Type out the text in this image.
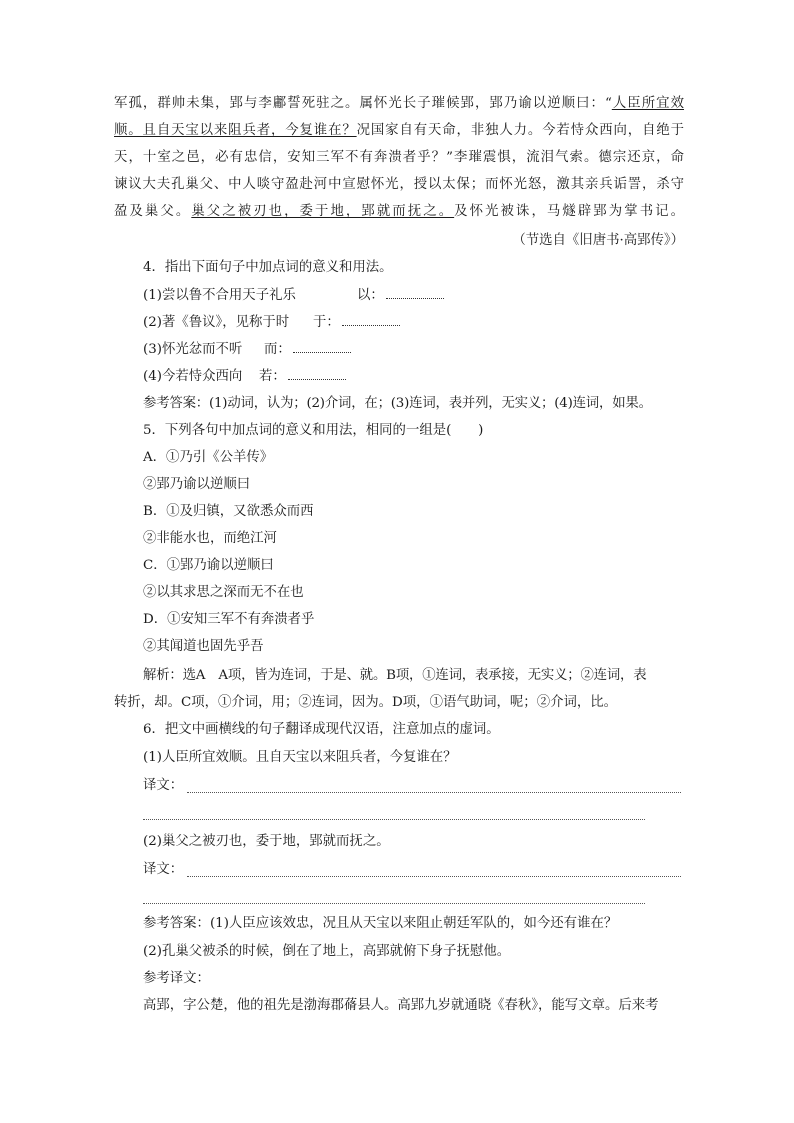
军孤，群帅未集，郢与李鄘誓死驻之。属怀光长子璀候郢，郢乃谕以逆顺曰：“人臣所宜效
顺。且自天宝以来阻兵者，今复谁在？况国家自有天命，非独人力。今若恃众西向，自绝于
天，十室之邑，必有忠信，安知三军不有奔溃者乎？”李璀震惧，流泪气索。德宗还京，命
谏议大夫孔巢父、中人啖守盈赴河中宣慰怀光，授以太保；而怀光怒，激其亲兵诟詈，杀守
盈及巢父。巢父之被刃也，委于地，郢就而抚之。及怀光被诛，马燧辟郢为掌书记。
（节选自《旧唐书·高郢传》）
4．指出下面句子中加点词的意义和用法。
(1)尝以鲁不合用天子礼乐	以：
(2)著《鲁议》，见称于时 于：
(3)怀光忿而不听 而：
(4)今若恃众西向 若：
参考答案：(1)动词，认为；(2)介词，在；(3)连词，表并列，无实义；(4)连词，如果。
5．下列各句中加点词的意义和用法，相同的一组是(　　)
A．①乃引《公羊传》
②郢乃谕以逆顺曰
B．①及归镇，又欲悉众而西
②非能水也，而绝江河
C．①郢乃谕以逆顺曰
②以其求思之深而无不在也
D．①安知三军不有奔溃者乎
②其闻道也固先乎吾
解析：选A　A项，皆为连词，于是、就。B项，①连词，表承接，无实义；②连词，表
转折，却。C项，①介词，用；②连词，因为。D项，①语气助词，呢；②介词，比。
6．把文中画横线的句子翻译成现代汉语，注意加点的虚词。
(1)人臣所宜效顺。且自天宝以来阻兵者，今复谁在？
译文：
(2)巢父之被刃也，委于地，郢就而抚之。
译文：
参考答案：(1)人臣应该效忠，况且从天宝以来阻止朝廷军队的，如今还有谁在？
(2)孔巢父被杀的时候，倒在了地上，高郢就俯下身子抚慰他。
参考译文：
高郢，字公楚，他的祖先是渤海郡蓨县人。高郢九岁就通晓《春秋》，能写文章。后来考
